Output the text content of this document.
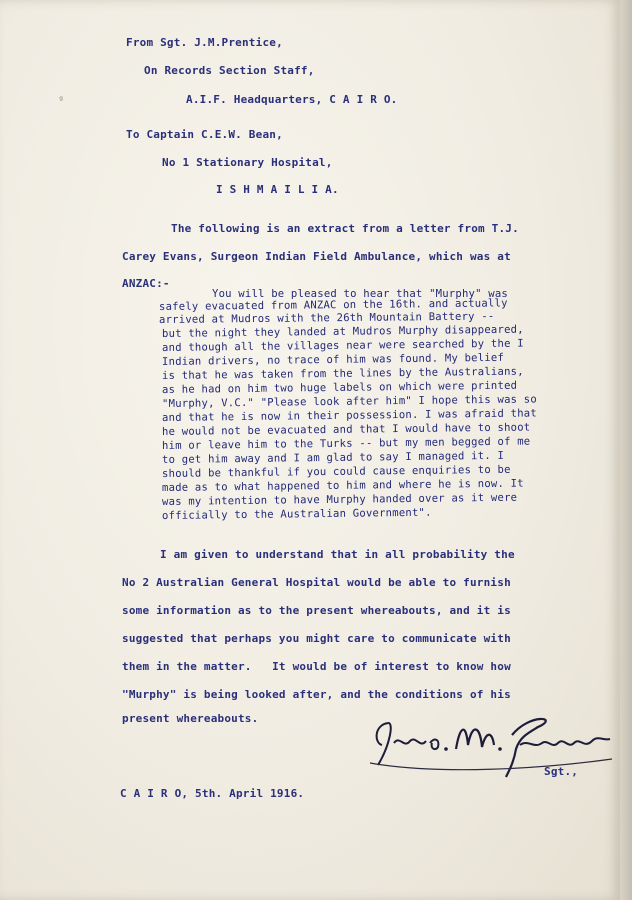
From Sgt. J.M.Prentice,
On Records Section Staff,
A.I.F. Headquarters, C A I R O.
To Captain C.E.W. Bean,
No 1 Stationary Hospital,
I S H M A I L I A.
The following is an extract from a letter from T.J.
Carey Evans, Surgeon Indian Field Ambulance, which was at
ANZAC:-
You will be pleased to hear that "Murphy" was
safely evacuated from ANZAC on the 16th. and actually
arrived at Mudros with the 26th Mountain Battery --
but the night they landed at Mudros Murphy disappeared,
and though all the villages near were searched by the I
Indian drivers, no trace of him was found. My belief
is that he was taken from the lines by the Australians,
as he had on him two huge labels on which were printed
"Murphy, V.C." "Please look after him" I hope this was so
and that he is now in their possession. I was afraid that
he would not be evacuated and that I would have to shoot
him or leave him to the Turks -- but my men begged of me
to get him away and I am glad to say I managed it. I
should be thankful if you could cause enquiries to be
made as to what happened to him and where he is now. It
was my intention to have Murphy handed over as it were
officially to the Australian Government".
I am given to understand that in all probability the
No 2 Australian General Hospital would be able to furnish
some information as to the present whereabouts, and it is
suggested that perhaps you might care to communicate with
them in the matter.   It would be of interest to know how
"Murphy" is being looked after, and the conditions of his
present whereabouts.
Sgt.,
C A I R O, 5th. April 1916.
ᵍ
